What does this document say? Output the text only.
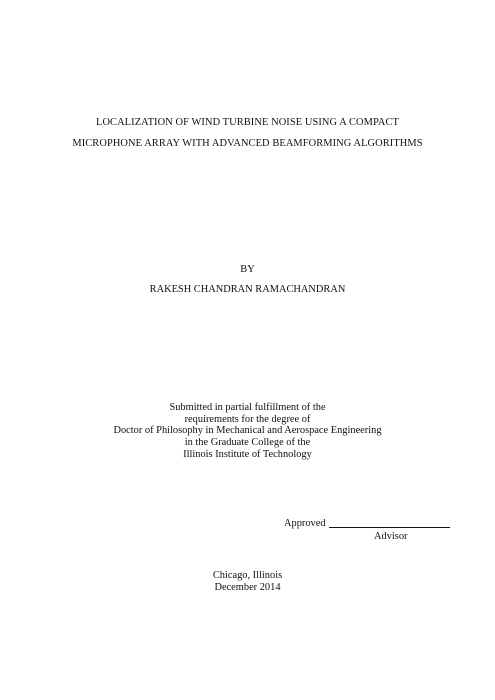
LOCALIZATION OF WIND TURBINE NOISE USING A COMPACT
MICROPHONE ARRAY WITH ADVANCED BEAMFORMING ALGORITHMS
BY
RAKESH CHANDRAN RAMACHANDRAN
Submitted in partial fulfillment of the
requirements for the degree of
Doctor of Philosophy in Mechanical and Aerospace Engineering
in the Graduate College of the
Illinois Institute of Technology
Approved
Advisor
Chicago, Illinois
December 2014
